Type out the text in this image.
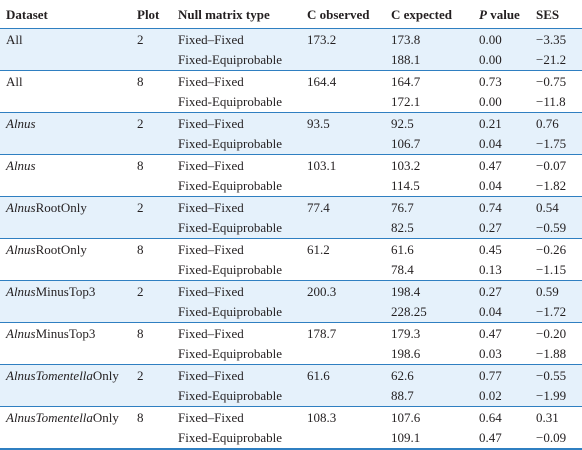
Dataset	Plot	Null matrix type	C observed	C expected	P value	SES
All	2	Fixed–Fixed	173.2	173.8	0.00	−3.35
		Fixed-Equiprobable		188.1	0.00	−21.2
All	8	Fixed–Fixed	164.4	164.7	0.73	−0.75
		Fixed-Equiprobable		172.1	0.00	−11.8
Alnus	2	Fixed–Fixed	93.5	92.5	0.21	0.76
		Fixed-Equiprobable		106.7	0.04	−1.75
Alnus	8	Fixed–Fixed	103.1	103.2	0.47	−0.07
		Fixed-Equiprobable		114.5	0.04	−1.82
AlnusRootOnly	2	Fixed–Fixed	77.4	76.7	0.74	0.54
		Fixed-Equiprobable		82.5	0.27	−0.59
AlnusRootOnly	8	Fixed–Fixed	61.2	61.6	0.45	−0.26
		Fixed-Equiprobable		78.4	0.13	−1.15
AlnusMinusTop3	2	Fixed–Fixed	200.3	198.4	0.27	0.59
		Fixed-Equiprobable		228.25	0.04	−1.72
AlnusMinusTop3	8	Fixed–Fixed	178.7	179.3	0.47	−0.20
		Fixed-Equiprobable		198.6	0.03	−1.88
AlnusTomentellaOnly	2	Fixed–Fixed	61.6	62.6	0.77	−0.55
		Fixed-Equiprobable		88.7	0.02	−1.99
AlnusTomentellaOnly	8	Fixed–Fixed	108.3	107.6	0.64	0.31
		Fixed-Equiprobable		109.1	0.47	−0.09
